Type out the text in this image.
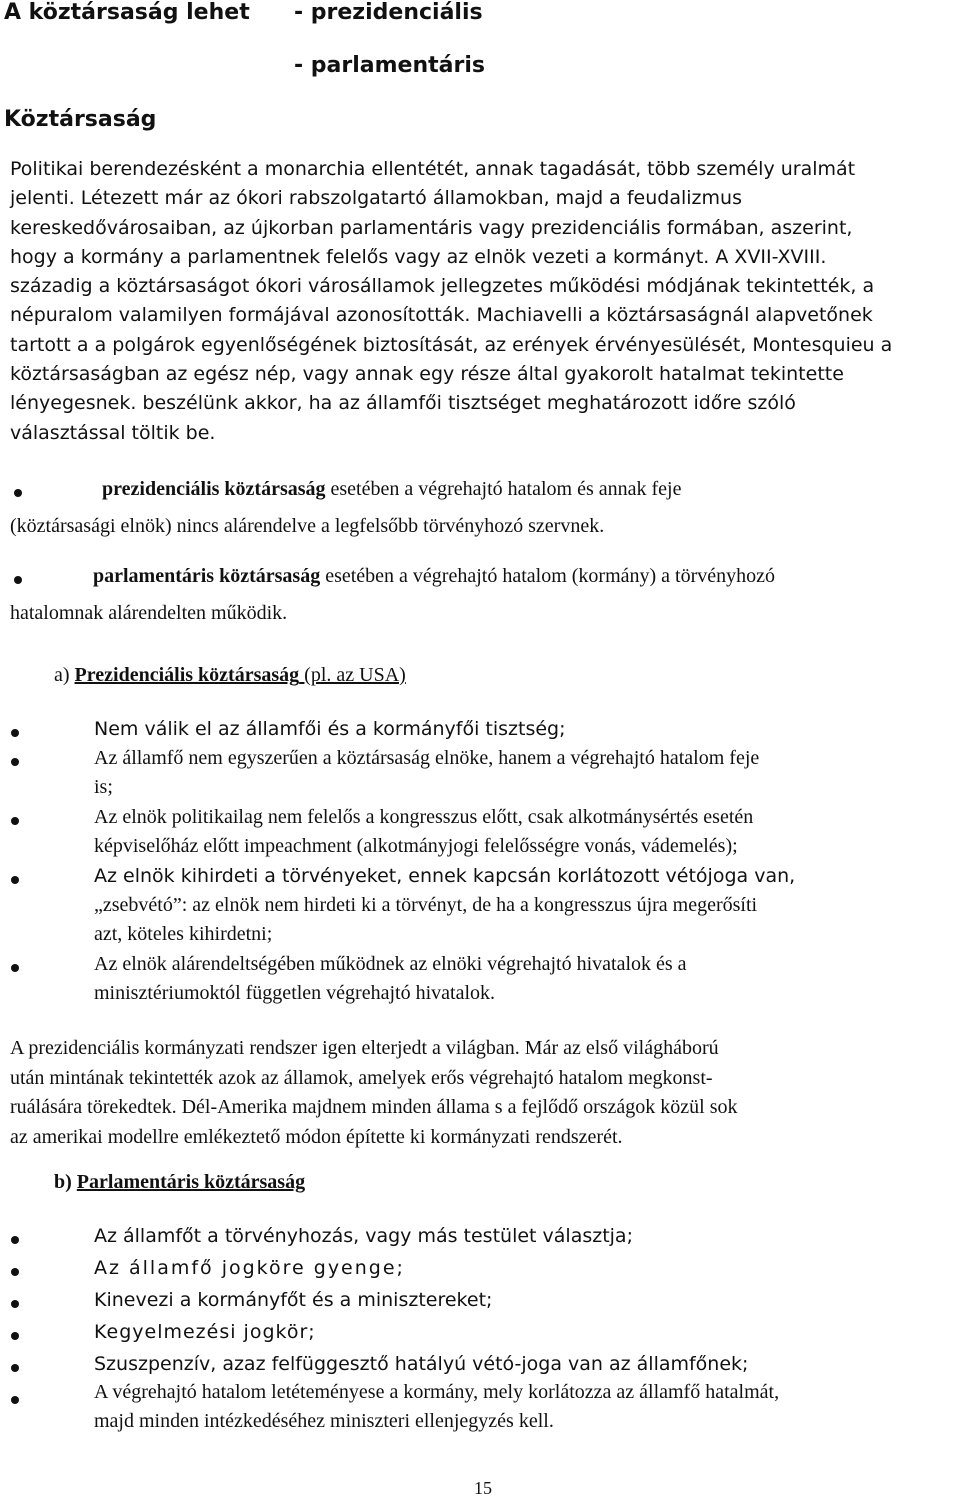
A köztársaság lehet - prezidenciális
- parlamentáris
Köztársaság
Politikai berendezésként a monarchia ellentétét, annak tagadását, több személy uralmát
jelenti. Létezett már az ókori rabszolgatartó államokban, majd a feudalizmus
kereskedővárosaiban, az újkorban parlamentáris vagy prezidenciális formában, aszerint,
hogy a kormány a parlamentnek felelős vagy az elnök vezeti a kormányt. A XVII-XVIII.
századig a köztársaságot ókori városállamok jellegzetes működési módjának tekintették, a
népuralom valamilyen formájával azonosították. Machiavelli a köztársaságnál alapvetőnek
tartott a a polgárok egyenlőségének biztosítását, az erények érvényesülését, Montesquieu a
köztársaságban az egész nép, vagy annak egy része által gyakorolt hatalmat tekintette
lényegesnek. beszélünk akkor, ha az államfői tisztséget meghatározott időre szóló
választással töltik be.
prezidenciális köztársaság esetében a végrehajtó hatalom és annak feje
(köztársasági elnök) nincs alárendelve a legfelsőbb törvényhozó szervnek.
parlamentáris köztársaság esetében a végrehajtó hatalom (kormány) a törvényhozó
hatalomnak alárendelten működik.
a) Prezidenciális köztársaság (pl. az USA)
Nem válik el az államfői és a kormányfői tisztség;
Az államfő nem egyszerűen a köztársaság elnöke, hanem a végrehajtó hatalom feje
is;
Az elnök politikailag nem felelős a kongresszus előtt, csak alkotmánysértés esetén
képviselőház előtt impeachment (alkotmányjogi felelősségre vonás, vádemelés);
Az elnök kihirdeti a törvényeket, ennek kapcsán korlátozott vétójoga van,
„zsebvétó”: az elnök nem hirdeti ki a törvényt, de ha a kongresszus újra megerősíti
azt, köteles kihirdetni;
Az elnök alárendeltségében működnek az elnöki végrehajtó hivatalok és a
minisztériumoktól független végrehajtó hivatalok.
A prezidenciális kormányzati rendszer igen elterjedt a világban. Már az első világháború
után mintának tekintették azok az államok, amelyek erős végrehajtó hatalom megkonst-
ruálására törekedtek. Dél-Amerika majdnem minden állama s a fejlődő országok közül sok
az amerikai modellre emlékeztető módon építette ki kormányzati rendszerét.
b) Parlamentáris köztársaság
Az államfőt a törvényhozás, vagy más testület választja;
Az államfő jogköre gyenge;
Kinevezi a kormányfőt és a minisztereket;
Kegyelmezési jogkör;
Szuszpenzív, azaz felfüggesztő hatályú vétó-joga van az államfőnek;
A végrehajtó hatalom letéteményese a kormány, mely korlátozza az államfő hatalmát,
majd minden intézkedéséhez miniszteri ellenjegyzés kell.
15
